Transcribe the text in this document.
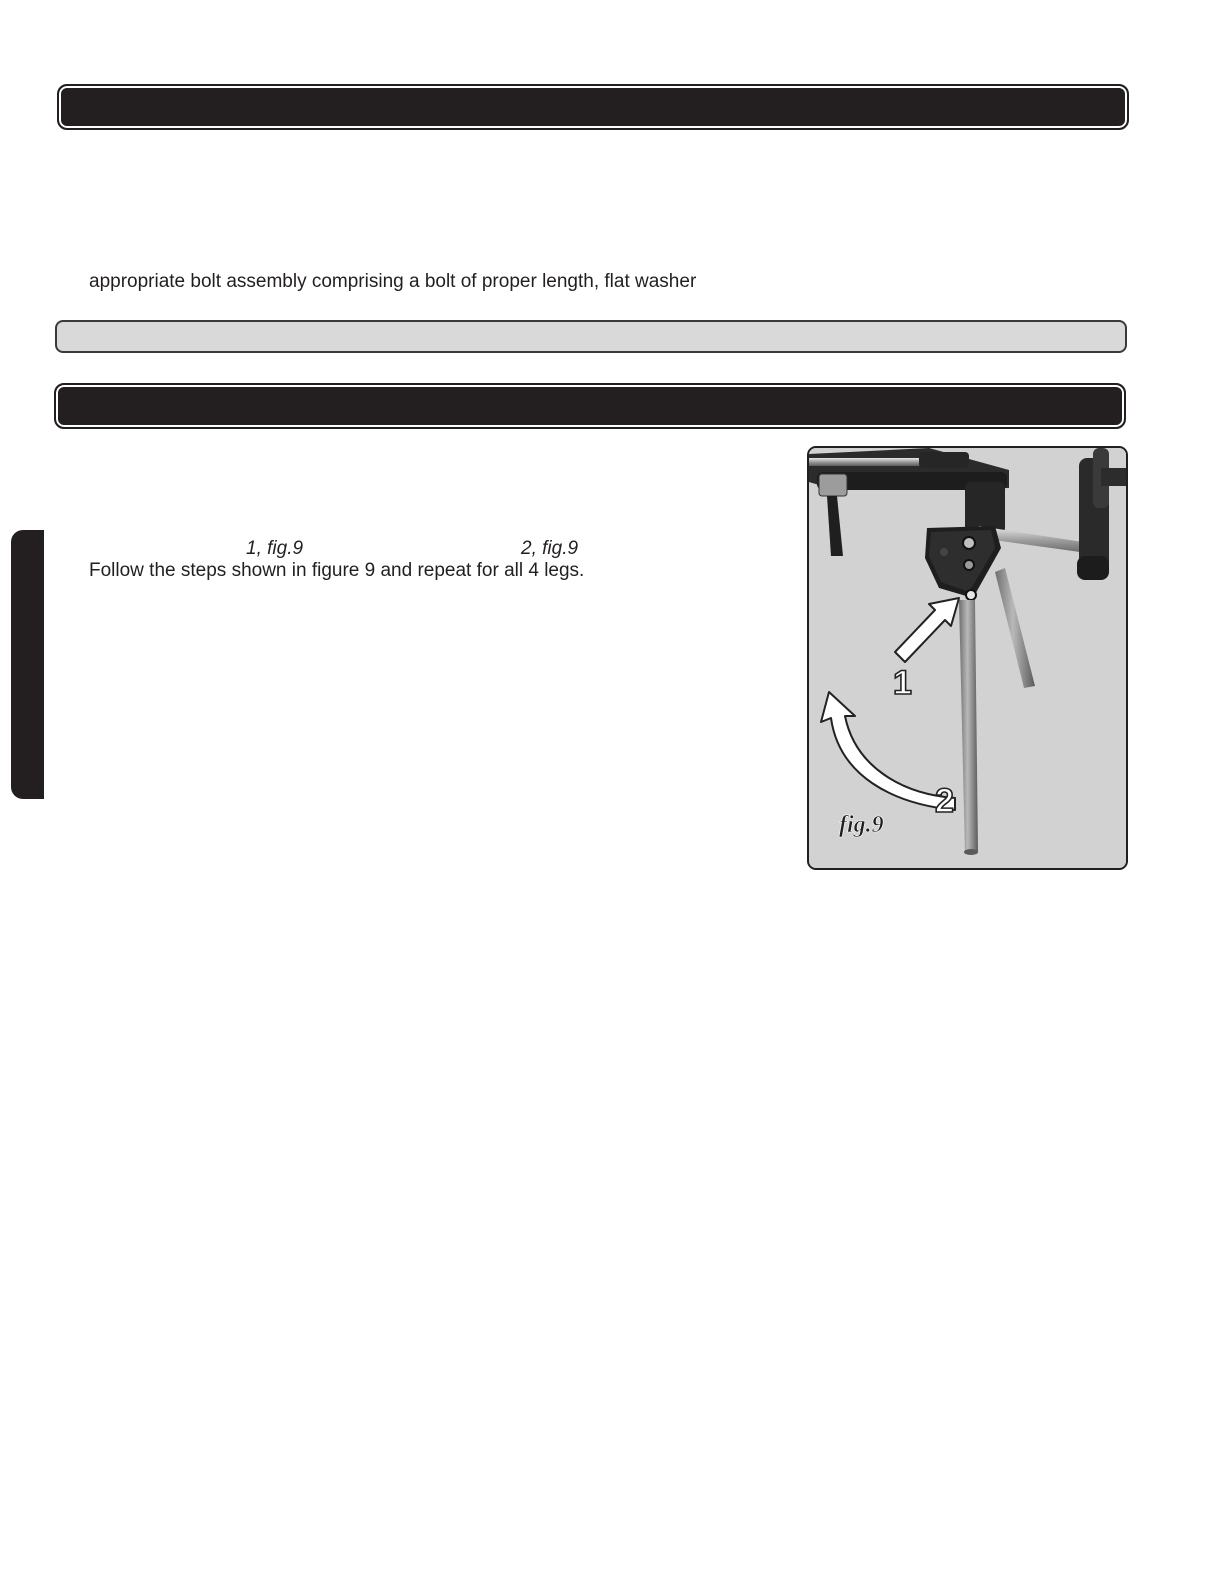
appropriate bolt assembly comprising a bolt of proper length, flat washer
1, fig.9	2, fig.9
Follow the steps shown in figure 9 and repeat for all 4 legs.
1
2
fig.9
